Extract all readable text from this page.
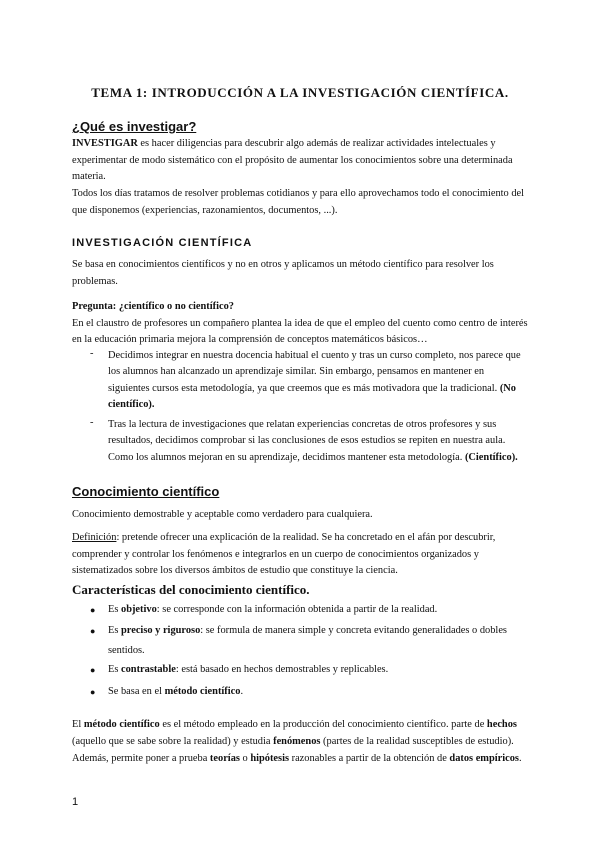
TEMA 1: INTRODUCCIÓN A LA INVESTIGACIÓN CIENTÍFICA.
¿Qué es investigar?

INVESTIGAR es hacer diligencias para descubrir algo además de realizar actividades intelectuales y experimentar de modo sistemático con el propósito de aumentar los conocimientos sobre una determinada materia.

Todos los días tratamos de resolver problemas cotidianos y para ello aprovechamos todo el conocimiento del que disponemos (experiencias, razonamientos, documentos, ...).

INVESTIGACIÓN CIENTÍFICA

Se basa en conocimientos científicos y no en otros y aplicamos un método científico para resolver los problemas.

Pregunta: ¿científico o no científico?

En el claustro de profesores un compañero plantea la idea de que el empleo del cuento como centro de interés en la educación primaria mejora la comprensión de conceptos matemáticos básicos…

-	Decidimos integrar en nuestra docencia habitual el cuento y tras un curso completo, nos parece que los alumnos han alcanzado un aprendizaje similar. Sin embargo, pensamos en mantener en siguientes cursos esta metodología, ya que creemos que es más motivadora que la tradicional. (No científico).
-	Tras la lectura de investigaciones que relatan experiencias concretas de otros profesores y sus resultados, decidimos comprobar si las conclusiones de esos estudios se repiten en nuestra aula. Como los alumnos mejoran en su aprendizaje, decidimos mantener esta metodología. (Científico).
Conocimiento científico

Conocimiento demostrable y aceptable como verdadero para cualquiera.

Definición: pretende ofrecer una explicación de la realidad. Se ha concretado en el afán por descubrir, comprender y controlar los fenómenos e integrarlos en un cuerpo de conocimientos organizados y sistematizados sobre los diversos ámbitos de estudio que constituye la ciencia.

Características del conocimiento científico.
● Es objetivo: se corresponde con la información obtenida a partir de la realidad.
● Es preciso y riguroso: se formula de manera simple y concreta evitando generalidades o dobles sentidos.
● Es contrastable: está basado en hechos demostrables y replicables.
● Se basa en el método científico.

El método científico es el método empleado en la producción del conocimiento científico. parte de hechos (aquello que se sabe sobre la realidad) y estudia fenómenos (partes de la realidad susceptibles de estudio). Además, permite poner a prueba teorías o hipótesis razonables a partir de la obtención de datos empíricos.

1
